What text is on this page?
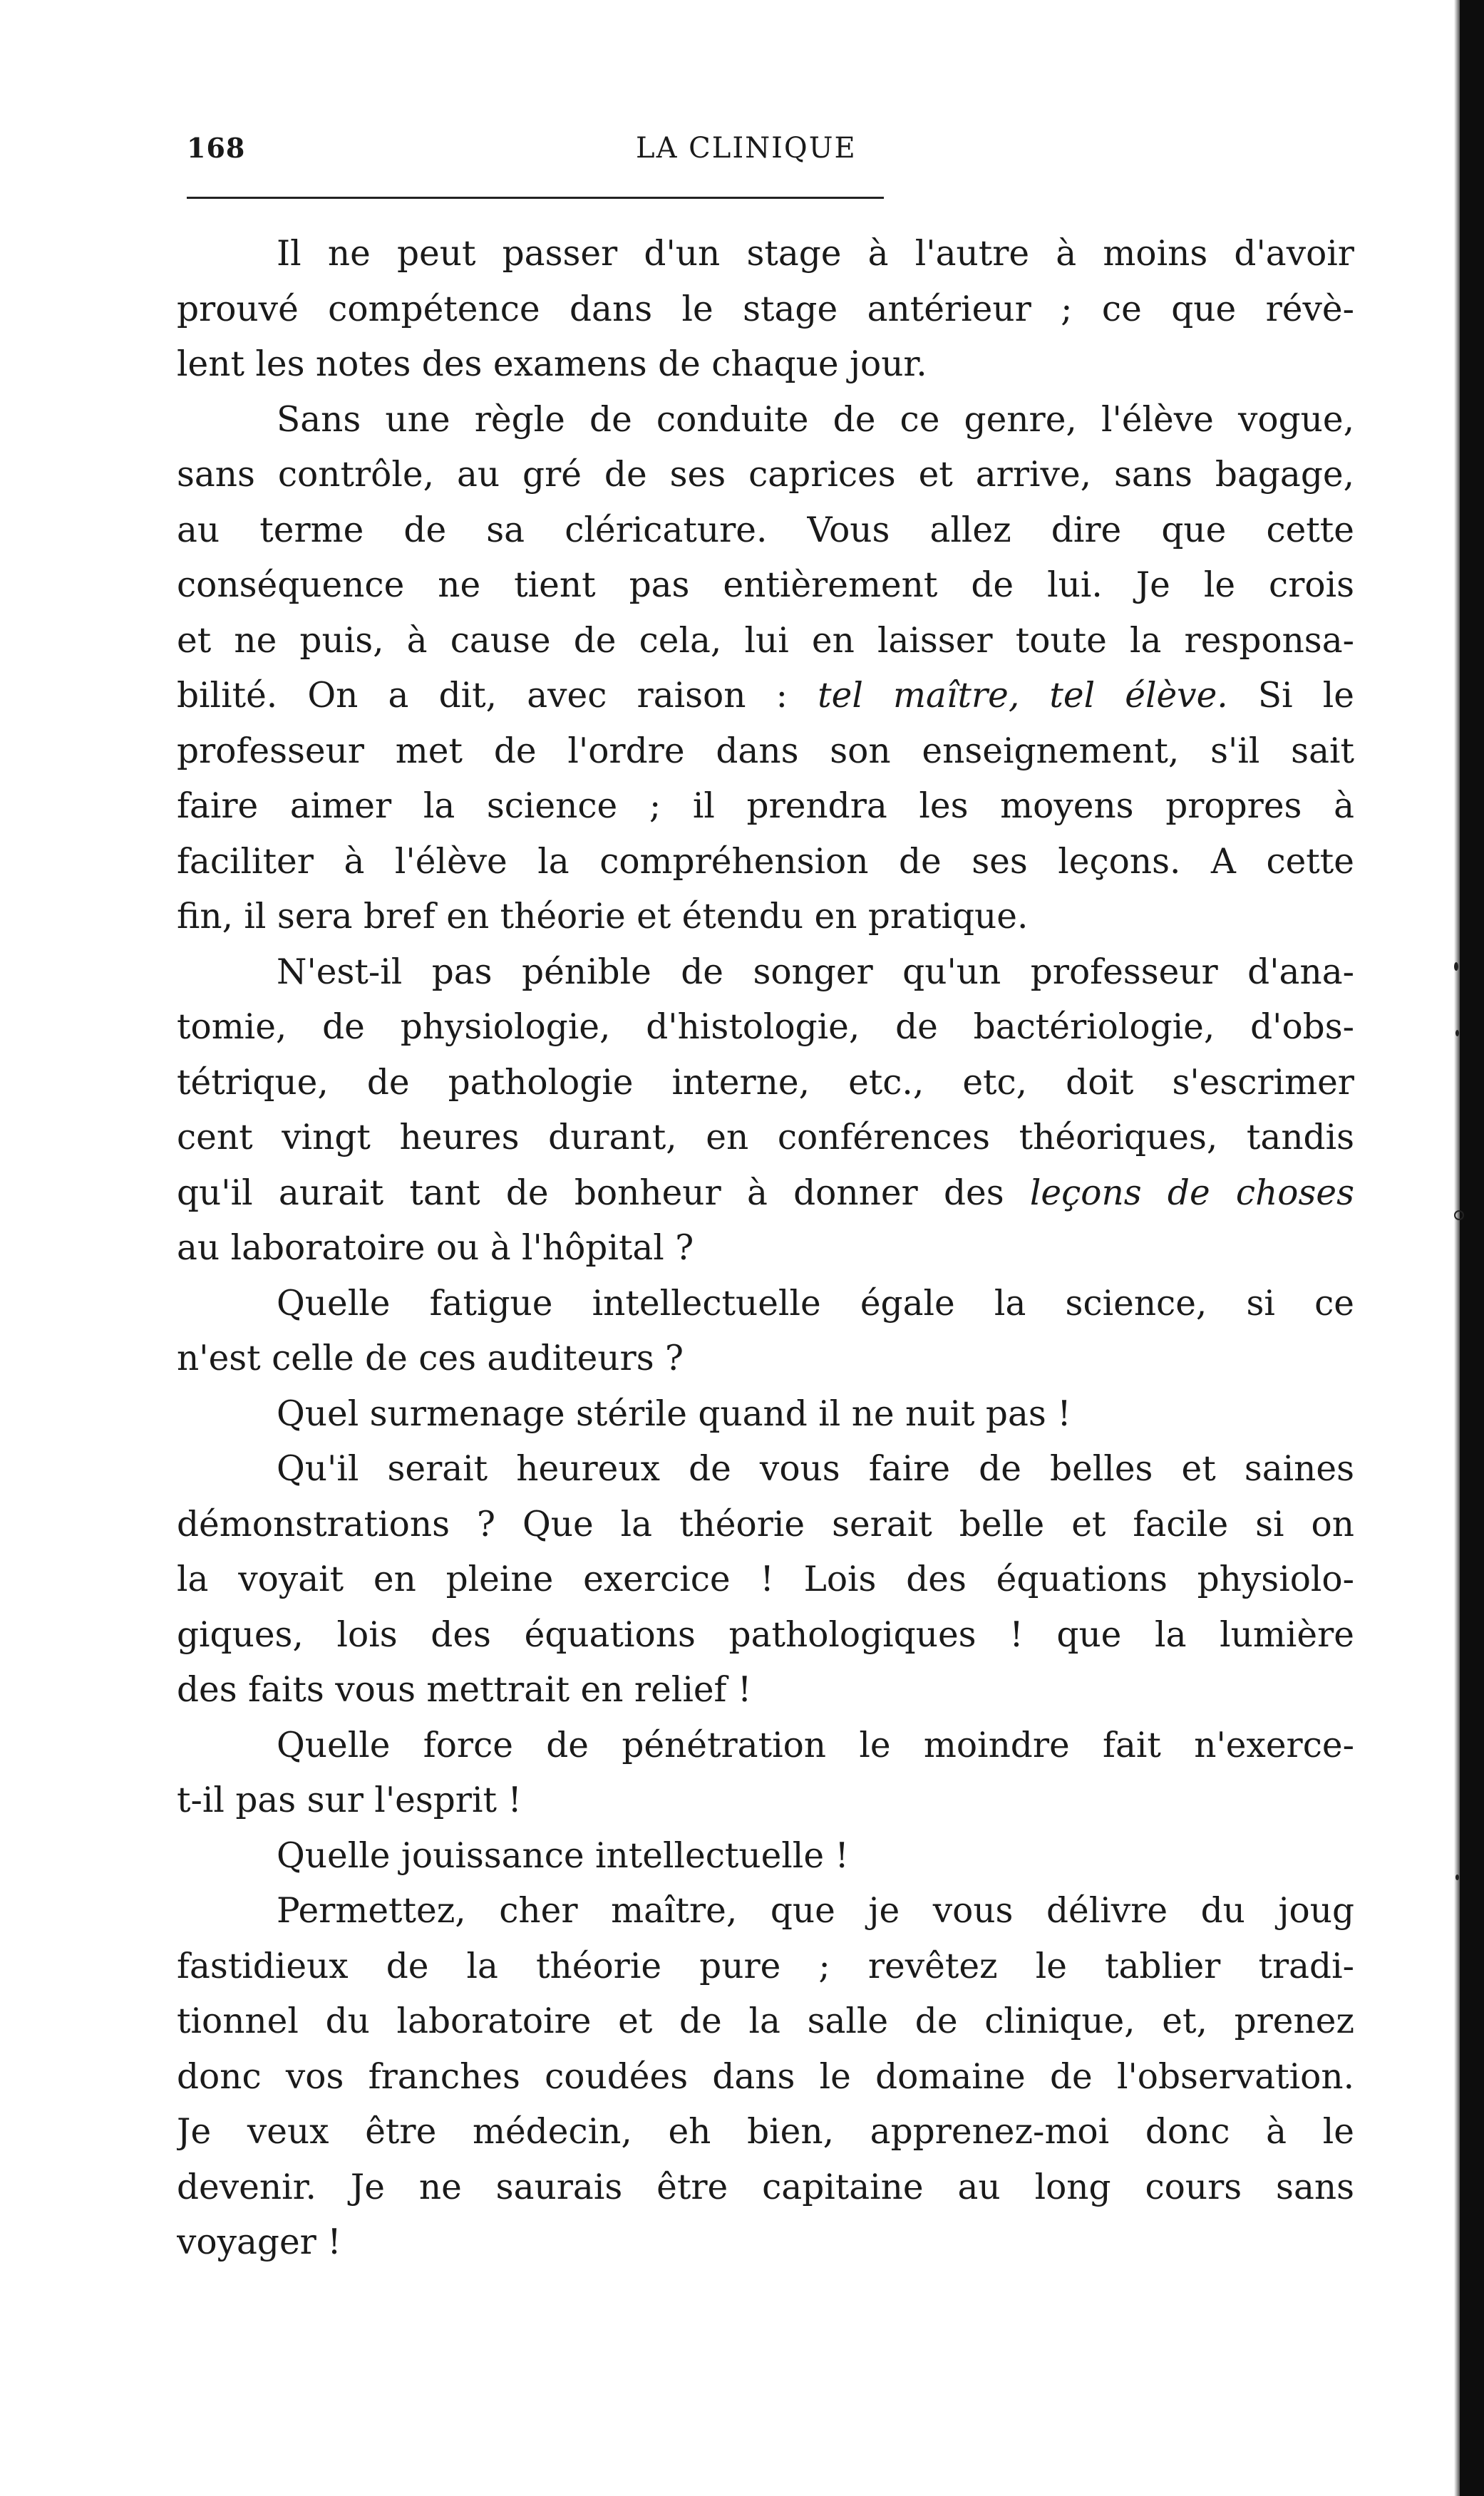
168	LA CLINIQUE
Il ne peut passer d'un stage à l'autre à moins d'avoir
prouvé compétence dans le stage antérieur ; ce que révè-
lent les notes des examens de chaque jour.
Sans une règle de conduite de ce genre, l'élève vogue,
sans contrôle, au gré de ses caprices et arrive, sans bagage,
au terme de sa cléricature. Vous allez dire que cette
conséquence ne tient pas entièrement de lui. Je le crois
et ne puis, à cause de cela, lui en laisser toute la responsa-
bilité. On a dit, avec raison : tel maître, tel élève. Si le
professeur met de l'ordre dans son enseignement, s'il sait
faire aimer la science ; il prendra les moyens propres à
faciliter à l'élève la compréhension de ses leçons. A cette
fin, il sera bref en théorie et étendu en pratique.
N'est-il pas pénible de songer qu'un professeur d'ana-
tomie, de physiologie, d'histologie, de bactériologie, d'obs-
tétrique, de pathologie interne, etc., etc, doit s'escrimer
cent vingt heures durant, en conférences théoriques, tandis
qu'il aurait tant de bonheur à donner des leçons de choses
au laboratoire ou à l'hôpital ?
Quelle fatigue intellectuelle égale la science, si ce
n'est celle de ces auditeurs ?
Quel surmenage stérile quand il ne nuit pas !
Qu'il serait heureux de vous faire de belles et saines
démonstrations ? Que la théorie serait belle et facile si on
la voyait en pleine exercice ! Lois des équations physiolo-
giques, lois des équations pathologiques ! que la lumière
des faits vous mettrait en relief !
Quelle force de pénétration le moindre fait n'exerce-
t-il pas sur l'esprit !
Quelle jouissance intellectuelle !
Permettez, cher maître, que je vous délivre du joug
fastidieux de la théorie pure ; revêtez le tablier tradi-
tionnel du laboratoire et de la salle de clinique, et, prenez
donc vos franches coudées dans le domaine de l'observation.
Je veux être médecin, eh bien, apprenez-moi donc à le
devenir. Je ne saurais être capitaine au long cours sans
voyager !
